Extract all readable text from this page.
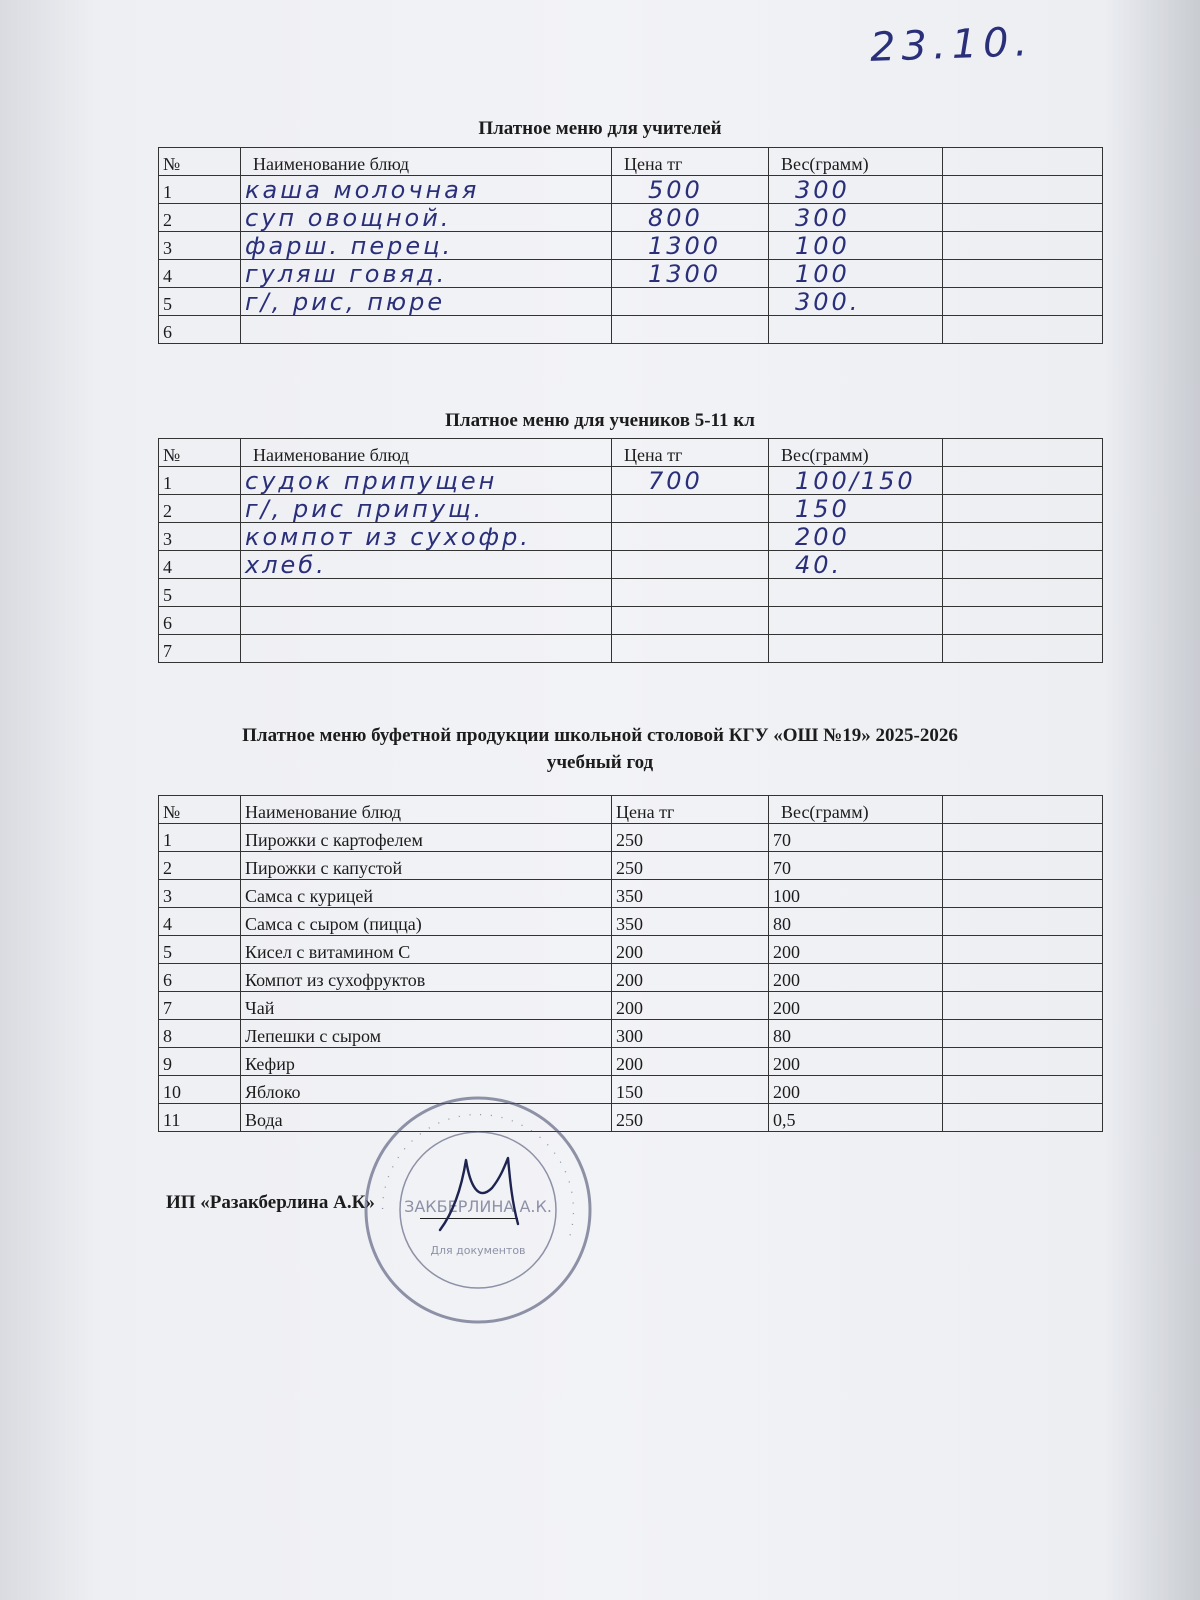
23.10.
Платное меню для учителей
№	Наименование блюд	Цена тг	Вес(грамм)	
1	каша молочная	500	300	
2	суп овощной.	800	300	
3	фарш. перец.	1300	100	
4	гуляш говяд.	1300	100	
5	г/, рис, пюре		300.	
6				
Платное меню для учеников 5-11 кл
№	Наименование блюд	Цена тг	Вес(грамм)	
1	судок припущен	700	100/150	
2	г/, рис припущ.		150	
3	компот из сухофр.		200	
4	хлеб.		40.	
5				
6				
7				
Платное меню буфетной продукции школьной столовой КГУ «ОШ №19» 2025-2026
учебный год
№	Наименование блюд	Цена тг	Вес(грамм)	
1	Пирожки с картофелем	250	70	
2	Пирожки с капустой	250	70	
3	Самса с курицей	350	100	
4	Самса с сыром (пицца)	350	80	
5	Кисел с витамином С	200	200	
6	Компот из сухофруктов	200	200	
7	Чай	200	200	
8	Лепешки с сыром	300	80	
9	Кефир	200	200	
10	Яблоко	150	200	
11	Вода	250	0,5	
ИП «Разакберлина А.К» · · · · · · · · · · · · · · · · · · · · · · · · · · · · · · ·
ЗАКБЕРЛИНА А.К.
Для документов
